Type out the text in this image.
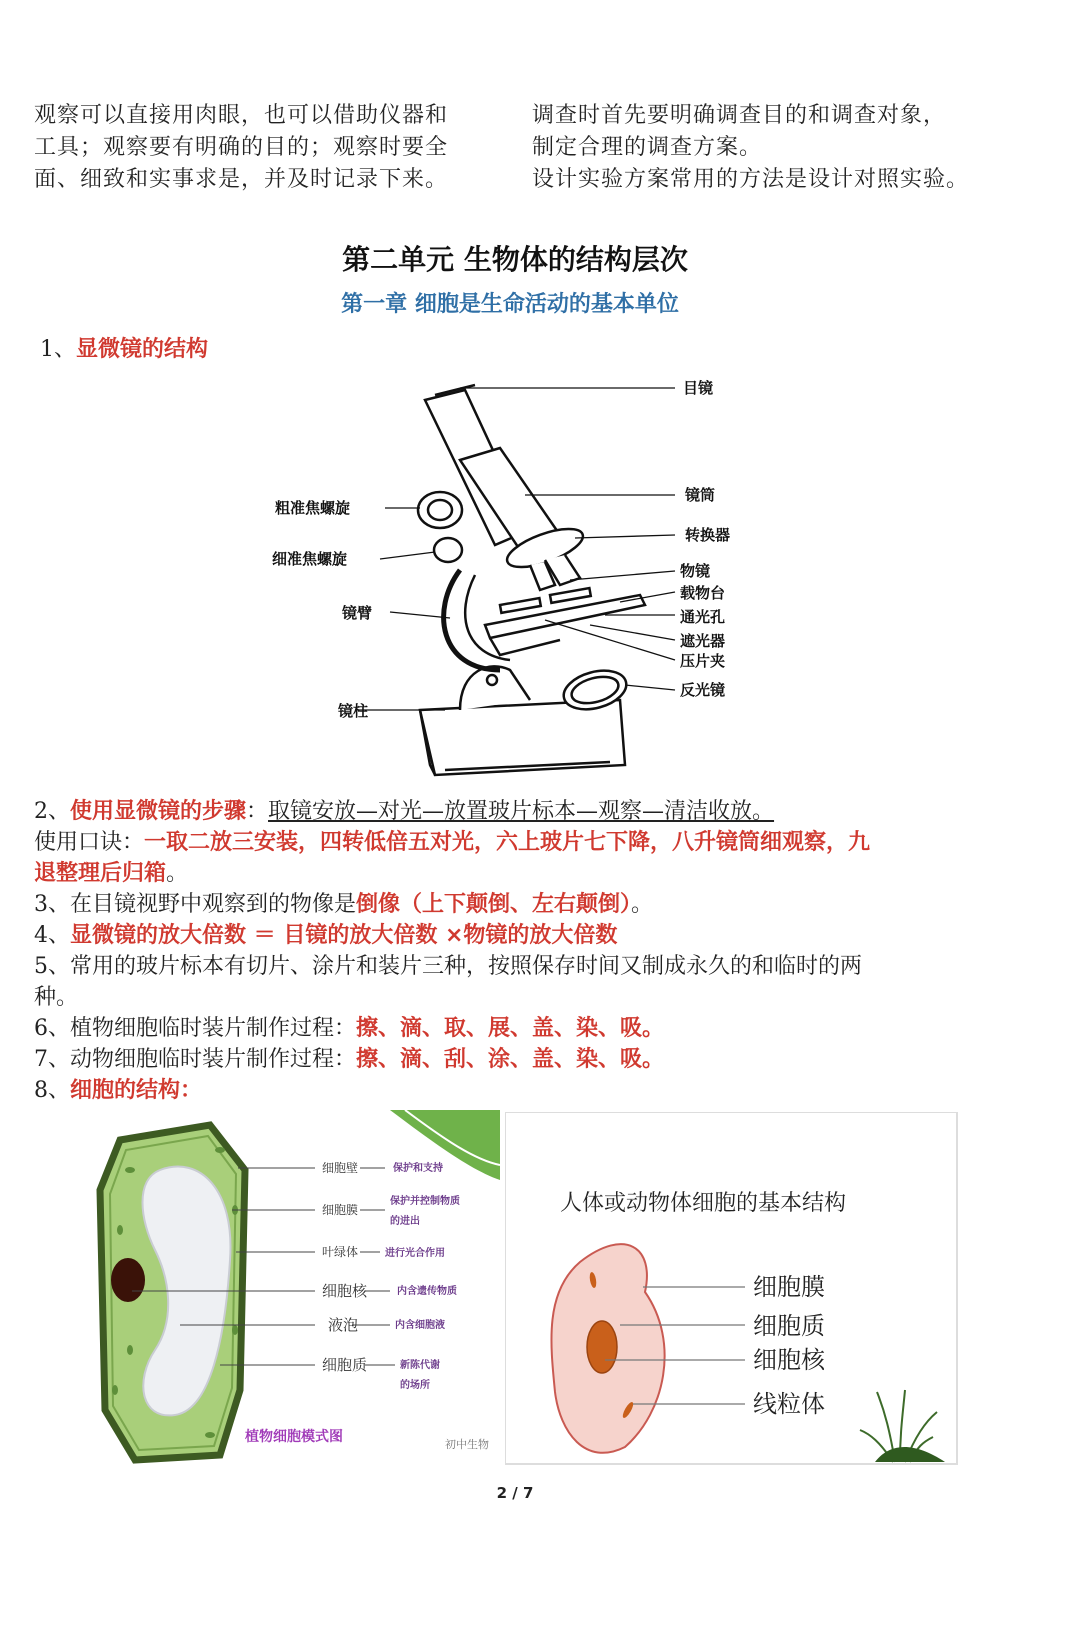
观察可以直接用肉眼，也可以借助仪器和
工具；观察要有明确的目的；观察时要全
面、细致和实事求是，并及时记录下来。
调查时首先要明确调查目的和调查对象，
制定合理的调查方案。
设计实验方案常用的方法是设计对照实验。
第二单元 生物体的结构层次
第一章 细胞是生命活动的基本单位
1、显微镜的结构
目镜
镜筒
转换器
物镜
载物台
通光孔
遮光器
压片夹
反光镜
粗准焦螺旋
细准焦螺旋
镜臂
镜柱
2、使用显微镜的步骤：取镜安放—对光—放置玻片标本—观察—清洁收放。
使用口诀：一取二放三安装，四转低倍五对光，六上玻片七下降，八升镜筒细观察，九
退整理后归箱。
3、在目镜视野中观察到的物像是倒像（上下颠倒、左右颠倒）。
4、显微镜的放大倍数 ＝ 目镜的放大倍数 ×物镜的放大倍数
5、常用的玻片标本有切片、涂片和装片三种，按照保存时间又制成永久的和临时的两
种。
6、植物细胞临时装片制作过程：擦、滴、取、展、盖、染、吸。
7、动物细胞临时装片制作过程：擦、滴、刮、涂、盖、染、吸。
8、细胞的结构：
细胞壁
细胞膜
叶绿体
细胞核
液泡
细胞质
保护和支持
保护并控制物质
的进出
进行光合作用
内含遗传物质
内含细胞液
新陈代谢
的场所
植物细胞模式图	初中生物
人体或动物体细胞的基本结构
细胞膜
细胞质
细胞核
线粒体
2 / 7
